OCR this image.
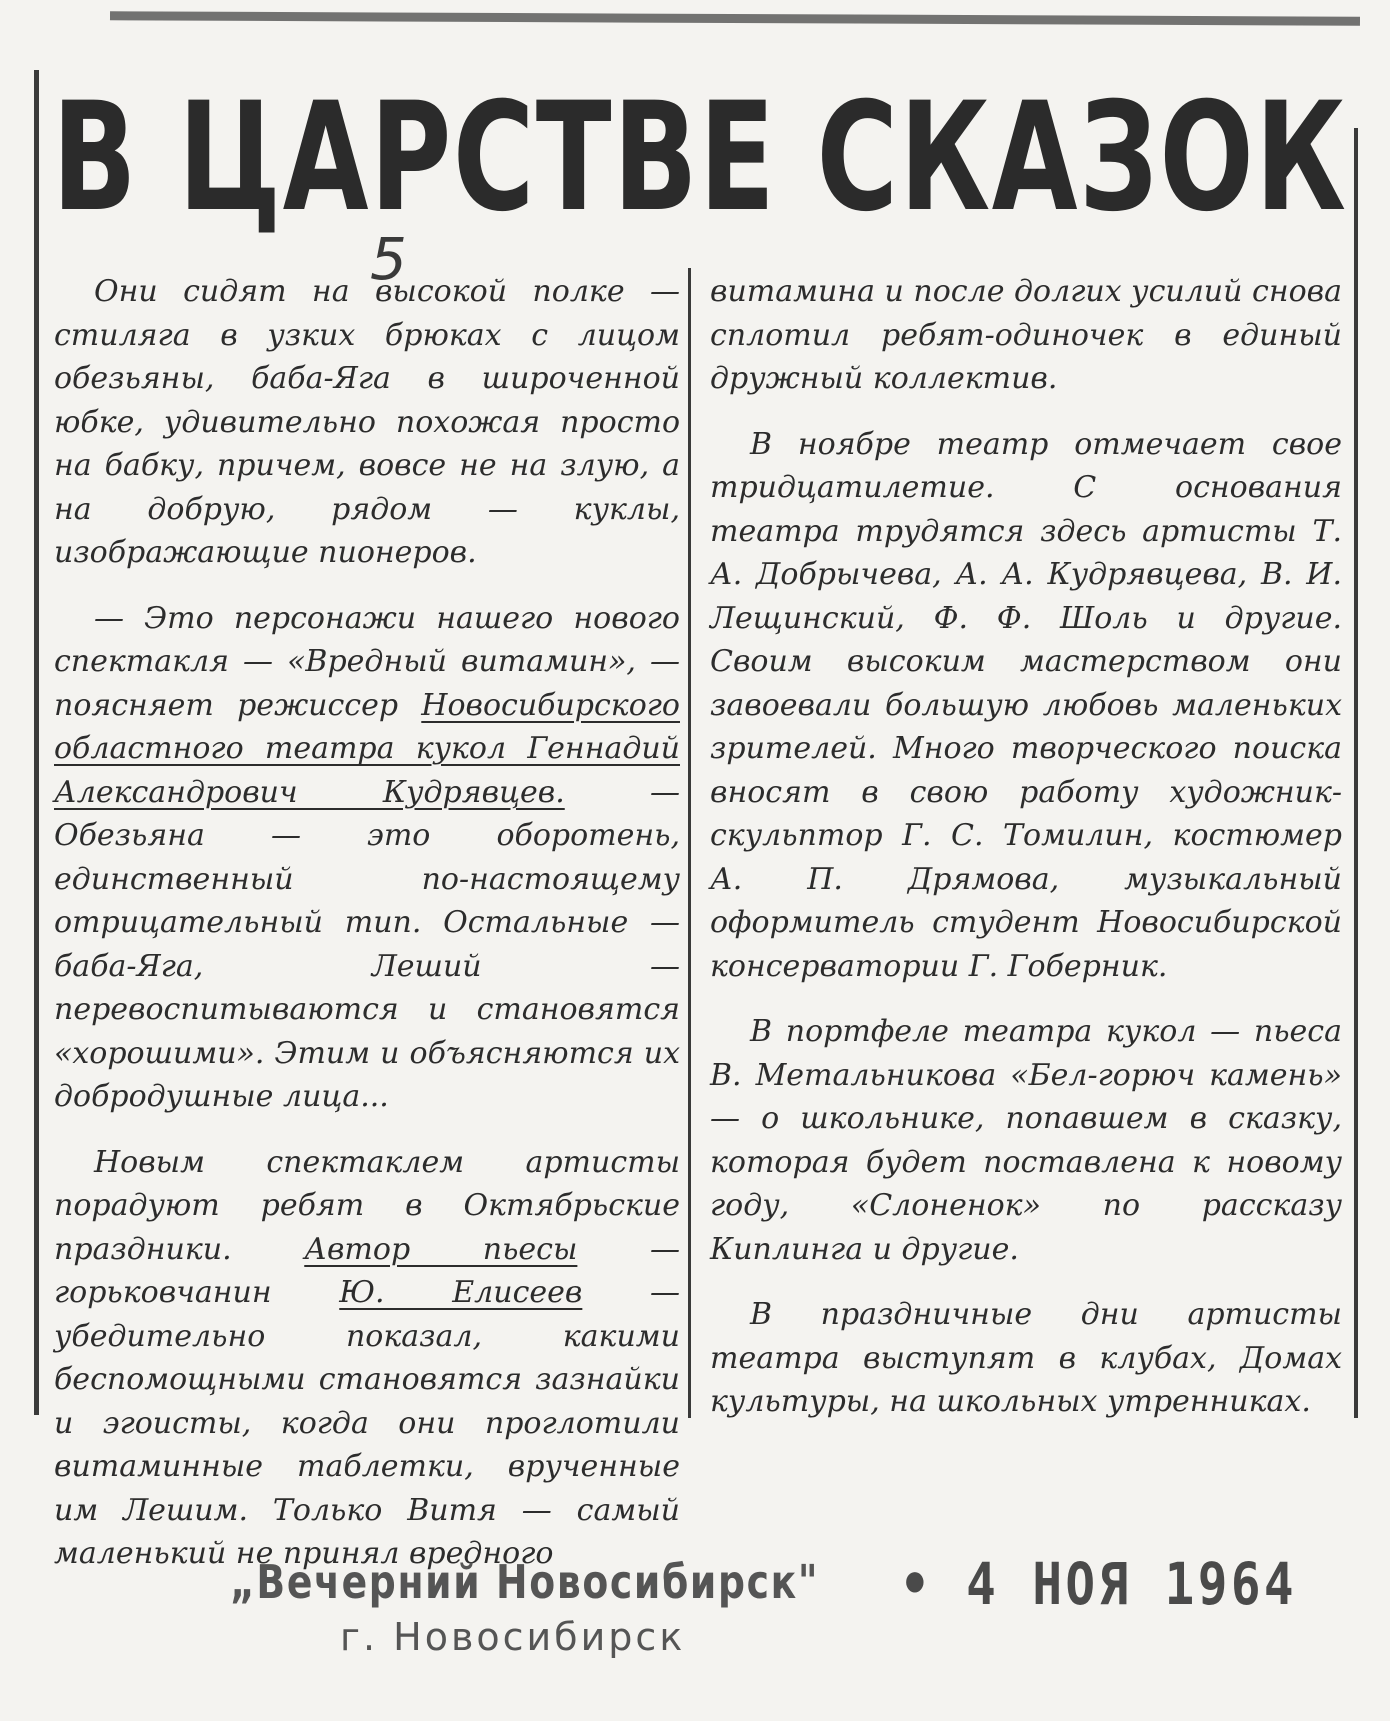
В ЦАРСТВЕ СКАЗОК
5

Они сидят на высокой полке — стиляга в узких брюках с лицом обезьяны, баба-Яга в широченной юбке, удивительно похожая просто на бабку, причем, вовсе не на злую, а на добрую, рядом — куклы, изображающие пионеров.

— Это персонажи нашего нового спектакля — «Вредный витамин», — поясняет режиссер Новосибирского областного театра кукол Геннадий Александрович Кудрявцев. — Обезьяна — это оборотень, единственный по-настоящему отрицательный тип. Остальные — баба-Яга, Леший — перевоспитываются и становятся «хорошими». Этим и объясняются их добродушные лица...

Новым спектаклем артисты порадуют ребят в Октябрьские праздники. Автор пьесы — горьковчанин Ю. Елисеев — убедительно показал, какими беспомощными становятся зазнайки и эгоисты, когда они проглотили витаминные таблетки, врученные им Лешим. Только Витя — самый маленький не принял вредного

витамина и после долгих усилий снова сплотил ребят-одиночек в единый дружный коллектив.

В ноябре театр отмечает свое тридцатилетие. С основания театра трудятся здесь артисты Т. А. Добрычева, А. А. Кудрявцева, В. И. Лещинский, Ф. Ф. Шоль и другие. Своим высоким мастерством они завоевали большую любовь маленьких зрителей. Много творческого поиска вносят в свою работу художник-скульптор Г. С. Томилин, костюмер А. П. Дрямова, музыкальный оформитель студент Новосибирской консерватории Г. Гоберник.

В портфеле театра кукол — пьеса В. Метальникова «Бел-горюч камень» — о школьнике, попавшем в сказку, которая будет поставлена к новому году, «Слоненок» по рассказу Киплинга и другие.

В праздничные дни артисты театра выступят в клубах, Домах культуры, на школьных утренниках.

„Вечерний Новосибирск"
г. Новосибирск
• 4 НОЯ 1964
